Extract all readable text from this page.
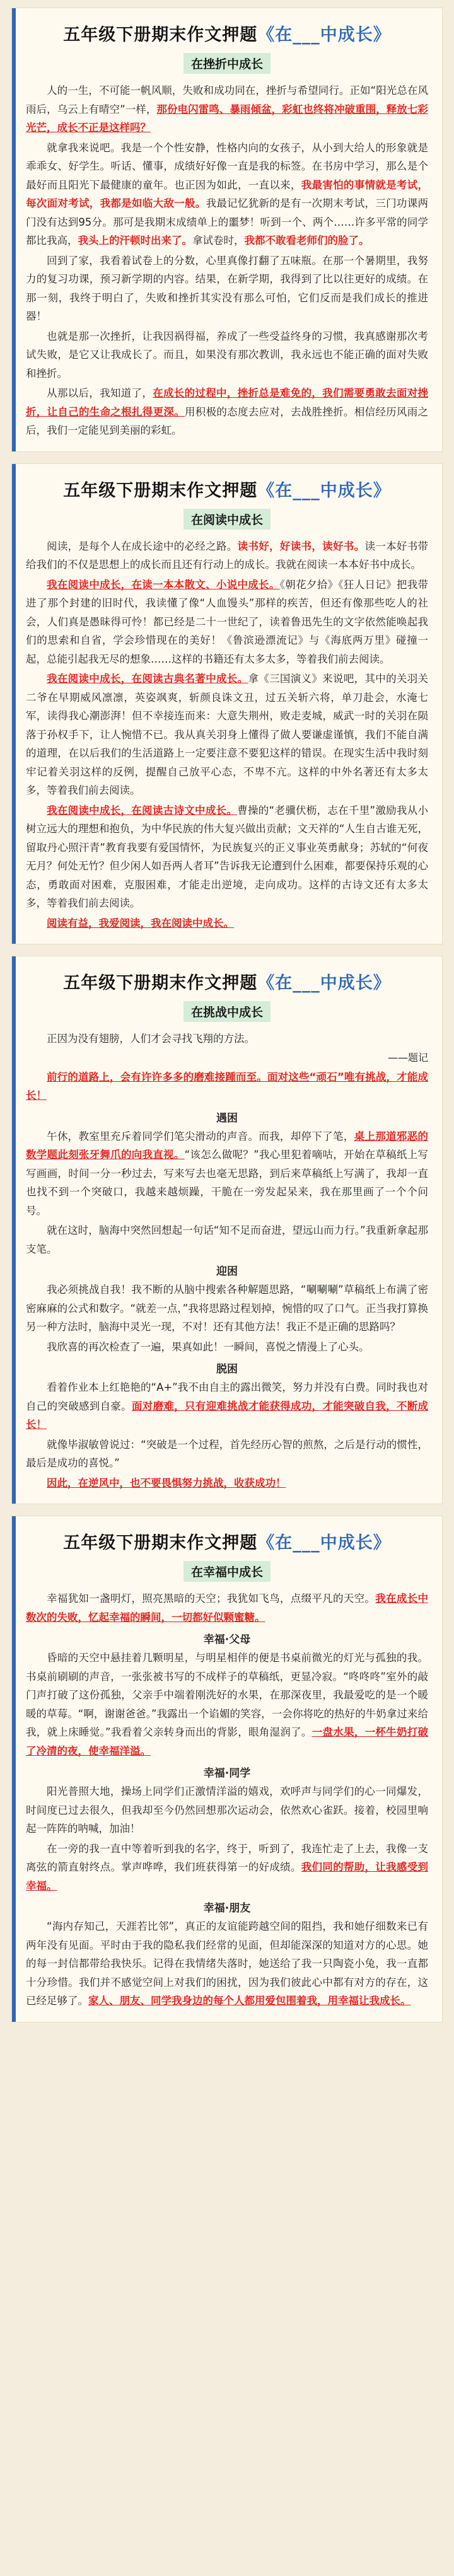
五年级下册期末作文押题《在___中成长》
在挫折中成长

人的一生，不可能一帆风顺，失败和成功同在，挫折与希望同行。正如“阳光总在风雨后，乌云上有晴空”一样，那份电闪雷鸣、暴雨倾盆，彩虹也终将冲破重围，释放七彩光芒，成长不正是这样吗？

就拿我来说吧。我是一个个性安静，性格内向的女孩子，从小到大给人的形象就是乖乖女、好学生。听话、懂事，成绩好好像一直是我的标签。在书房中学习，那么是个最好而且阳光下最健康的童年。也正因为如此，一直以来，我最害怕的事情就是考试，每次面对考试，我都是如临大敌一般。我最记忆犹新的是有一次期末考试，三门功课两门没有达到95分。那可是我期末成绩单上的噩梦！听到一个、两个……许多平常的同学都比我高，我头上的汗顿时出来了。拿试卷时，我都不敢看老师们的脸了。

回到了家，我看着试卷上的分数，心里真像打翻了五味瓶。在那一个暑期里，我努力的复习功课，预习新学期的内容。结果，在新学期，我得到了比以往更好的成绩。在那一刻，我终于明白了，失败和挫折其实没有那么可怕，它们反而是我们成长的推进器！

也就是那一次挫折，让我因祸得福，养成了一些受益终身的习惯，我真感谢那次考试失败，是它又让我成长了。而且，如果没有那次教训，我永远也不能正确的面对失败和挫折。

从那以后，我知道了，在成长的过程中，挫折总是难免的，我们需要勇敢去面对挫折，让自己的生命之根扎得更深。用积极的态度去应对，去战胜挫折。相信经历风雨之后，我们一定能见到美丽的彩虹。

五年级下册期末作文押题《在___中成长》
在阅读中成长

阅读，是每个人在成长途中的必经之路。读书好，好读书，读好书。读一本好书带给我们的不仅是思想上的成长而且还有行动上的成长。我就在阅读一本本好书中成长。

我在阅读中成长，在读一本本散文、小说中成长。《朝花夕拾》《狂人日记》把我带进了那个封建的旧时代，我读懂了像“人血馒头”那样的疾苦，但还有像那些吃人的社会，人们真是愚昧得可怜！都已经是二十一世纪了，读着鲁迅先生的文字依然能唤起我们的思索和自省，学会珍惜现在的美好！《鲁滨逊漂流记》与《海底两万里》碰撞一起，总能引起我无尽的想象……这样的书籍还有太多太多，等着我们前去阅读。

我在阅读中成长，在阅读古典名著中成长。拿《三国演义》来说吧，其中的关羽关二爷在早期威风凛凛，英姿飒爽，斩颜良诛文丑，过五关斩六将，单刀赴会，水淹七军，读得我心潮澎湃！但不幸接连而来：大意失荆州，败走麦城，威武一时的关羽在陨落于孙权手下，让人惋惜不已。我从真关羽身上懂得了做人要谦虚谨慎，我们不能自满的道理，在以后我们的生活道路上一定要注意不要犯这样的错误。在现实生活中我时刻牢记着关羽这样的反例，提醒自己放平心态，不卑不亢。这样的中外名著还有太多太多，等着我们前去阅读。

我在阅读中成长，在阅读古诗文中成长。曹操的“老骥伏枥，志在千里”激励我从小树立远大的理想和抱负，为中华民族的伟大复兴做出贡献；文天祥的“人生自古谁无死，留取丹心照汗青”教育我要有爱国情怀，为民族复兴的正义事业英勇献身；苏轼的“何夜无月？何处无竹？但少闲人如吾两人者耳”告诉我无论遭到什么困难，都要保持乐观的心态，勇敢面对困难，克服困难，才能走出逆境，走向成功。这样的古诗文还有太多太多，等着我们前去阅读。

阅读有益，我爱阅读，我在阅读中成长。

五年级下册期末作文押题《在___中成长》
在挑战中成长

正因为没有翅膀，人们才会寻找飞翔的方法。

——题记

前行的道路上，会有许许多多的磨难接踵而至。面对这些“顽石”唯有挑战，才能成长！

遇困

午休，教室里充斥着同学们笔尖滑动的声音。而我，却停下了笔，桌上那道邪恶的数学题此刻张牙舞爪的向我直视。“该怎么做呢？”我心里犯着嘀咕，开始在草稿纸上写写画画，时间一分一秒过去，写来写去也毫无思路，到后来草稿纸上写满了，我却一直也找不到一个突破口，我越来越烦躁，干脆在一旁发起呆来，我在那里画了一个个问号。

就在这时，脑海中突然回想起一句话“知不足而奋进，望远山而力行。”我重新拿起那支笔。

迎困

我必须挑战自我！我不断的从脑中搜索各种解题思路，“唰唰唰”草稿纸上布满了密密麻麻的公式和数字。“就差一点，”我将思路过程划掉，惋惜的叹了口气。正当我打算换另一种方法时，脑海中灵光一现，不对！还有其他方法！我正不是正确的思路吗？

我欣喜的再次检查了一遍，果真如此！一瞬间，喜悦之情漫上了心头。

脱困

看着作业本上红艳艳的“A+”我不由自主的露出微笑，努力并没有白费。同时我也对自己的突破感到自豪。面对磨难，只有迎难挑战才能获得成功，才能突破自我，不断成长！

就像毕淑敏曾说过：“突破是一个过程，首先经历心智的煎熬，之后是行动的惯性，最后是成功的喜悦。”

因此，在逆风中，也不要畏惧努力挑战，收获成功！

五年级下册期末作文押题《在___中成长》
在幸福中成长

幸福犹如一盏明灯，照亮黑暗的天空；我犹如飞鸟，点缀平凡的天空。我在成长中数次的失败，忆起幸福的瞬间，一切都好似颗蜜糖。

幸福·父母

昏暗的天空中悬挂着几颗明星，与明星相伴的便是书桌前微光的灯光与孤独的我。书桌前刷刷的声音，一张张被书写的不成样子的草稿纸，更显冷寂。“咚咚咚”室外的敲门声打破了这份孤独，父亲手中端着刚洗好的水果，在那深夜里，我最爱吃的是一个暖暖的草莓。“啊，谢谢爸爸。”我露出一个谄媚的笑容，一会你将吃的热好的牛奶拿过来给我，就上床睡觉。”我看着父亲转身而出的背影，眼角湿润了。一盘水果，一杯牛奶打破了冷清的夜，使幸福洋溢。

幸福·同学

阳光普照大地，操场上同学们正激情洋溢的嬉戏，欢呼声与同学们的心一同爆发，时间度已过去很久，但我却至今仍然回想那次运动会，依然欢心雀跃。接着，校园里响起一阵阵的呐喊，加油！

在一旁的我一直中等着听到我的名字，终于，听到了，我连忙走了上去，我像一支离弦的箭直射终点。掌声哗哗，我们班获得第一的好成绩。我们同的帮助，让我感受到幸福。

幸福·朋友

“海内存知己，天涯若比邻”，真正的友谊能跨越空间的阻挡，我和她仔细数来已有两年没有见面。平时由于我的隐私我们经常的见面，但却能深深的知道对方的心思。她的每一封信都带给我快乐。记得在我情绪失落时，她送给了我一只陶瓷小兔，我一直都十分珍惜。我们并不感觉空间上对我们的困扰，因为我们彼此心中都有对方的存在，这已经足够了。家人、朋友、同学我身边的每个人都用爱包围着我，用幸福让我成长。
